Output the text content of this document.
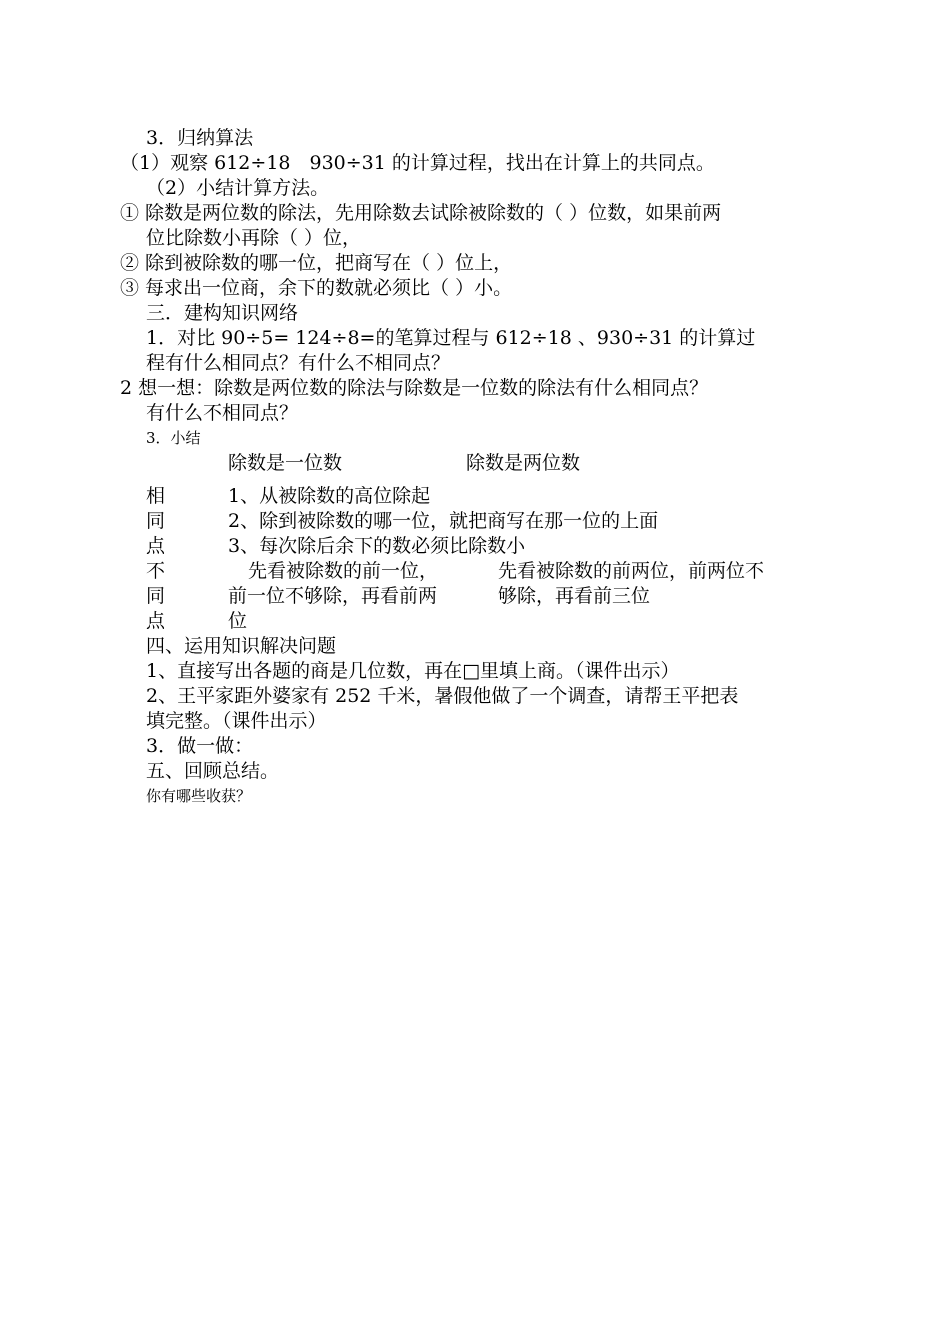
3．归纳算法
（1）观察 612÷18　930÷31 的计算过程，找出在计算上的共同点。
（2）小结计算方法。
① 除数是两位数的除法，先用除数去试除被除数的（ ）位数，如果前两
位比除数小再除（ ）位，
② 除到被除数的哪一位，把商写在（ ）位上，
③ 每求出一位商，余下的数就必须比（ ）小。
三．建构知识网络
1．对比 90÷5= 124÷8=的笔算过程与 612÷18 、930÷31 的计算过
程有什么相同点？有什么不相同点？
2 想一想：除数是两位数的除法与除数是一位数的除法有什么相同点？
有什么不相同点？
3．小结
除数是一位数	除数是两位数
相
同
点
1、从被除数的高位除起
2、除到被除数的哪一位，就把商写在那一位的上面
3、每次除后余下的数必须比除数小
不
同
点
先看被除数的前一位，
前一位不够除，再看前两
位
先看被除数的前两位，前两位不
够除，再看前三位
四、运用知识解决问题
1、直接写出各题的商是几位数，再在□里填上商。（课件出示）
2、王平家距外婆家有 252 千米，暑假他做了一个调查，请帮王平把表
填完整。（课件出示）
3．做一做：
五、回顾总结。
你有哪些收获？
